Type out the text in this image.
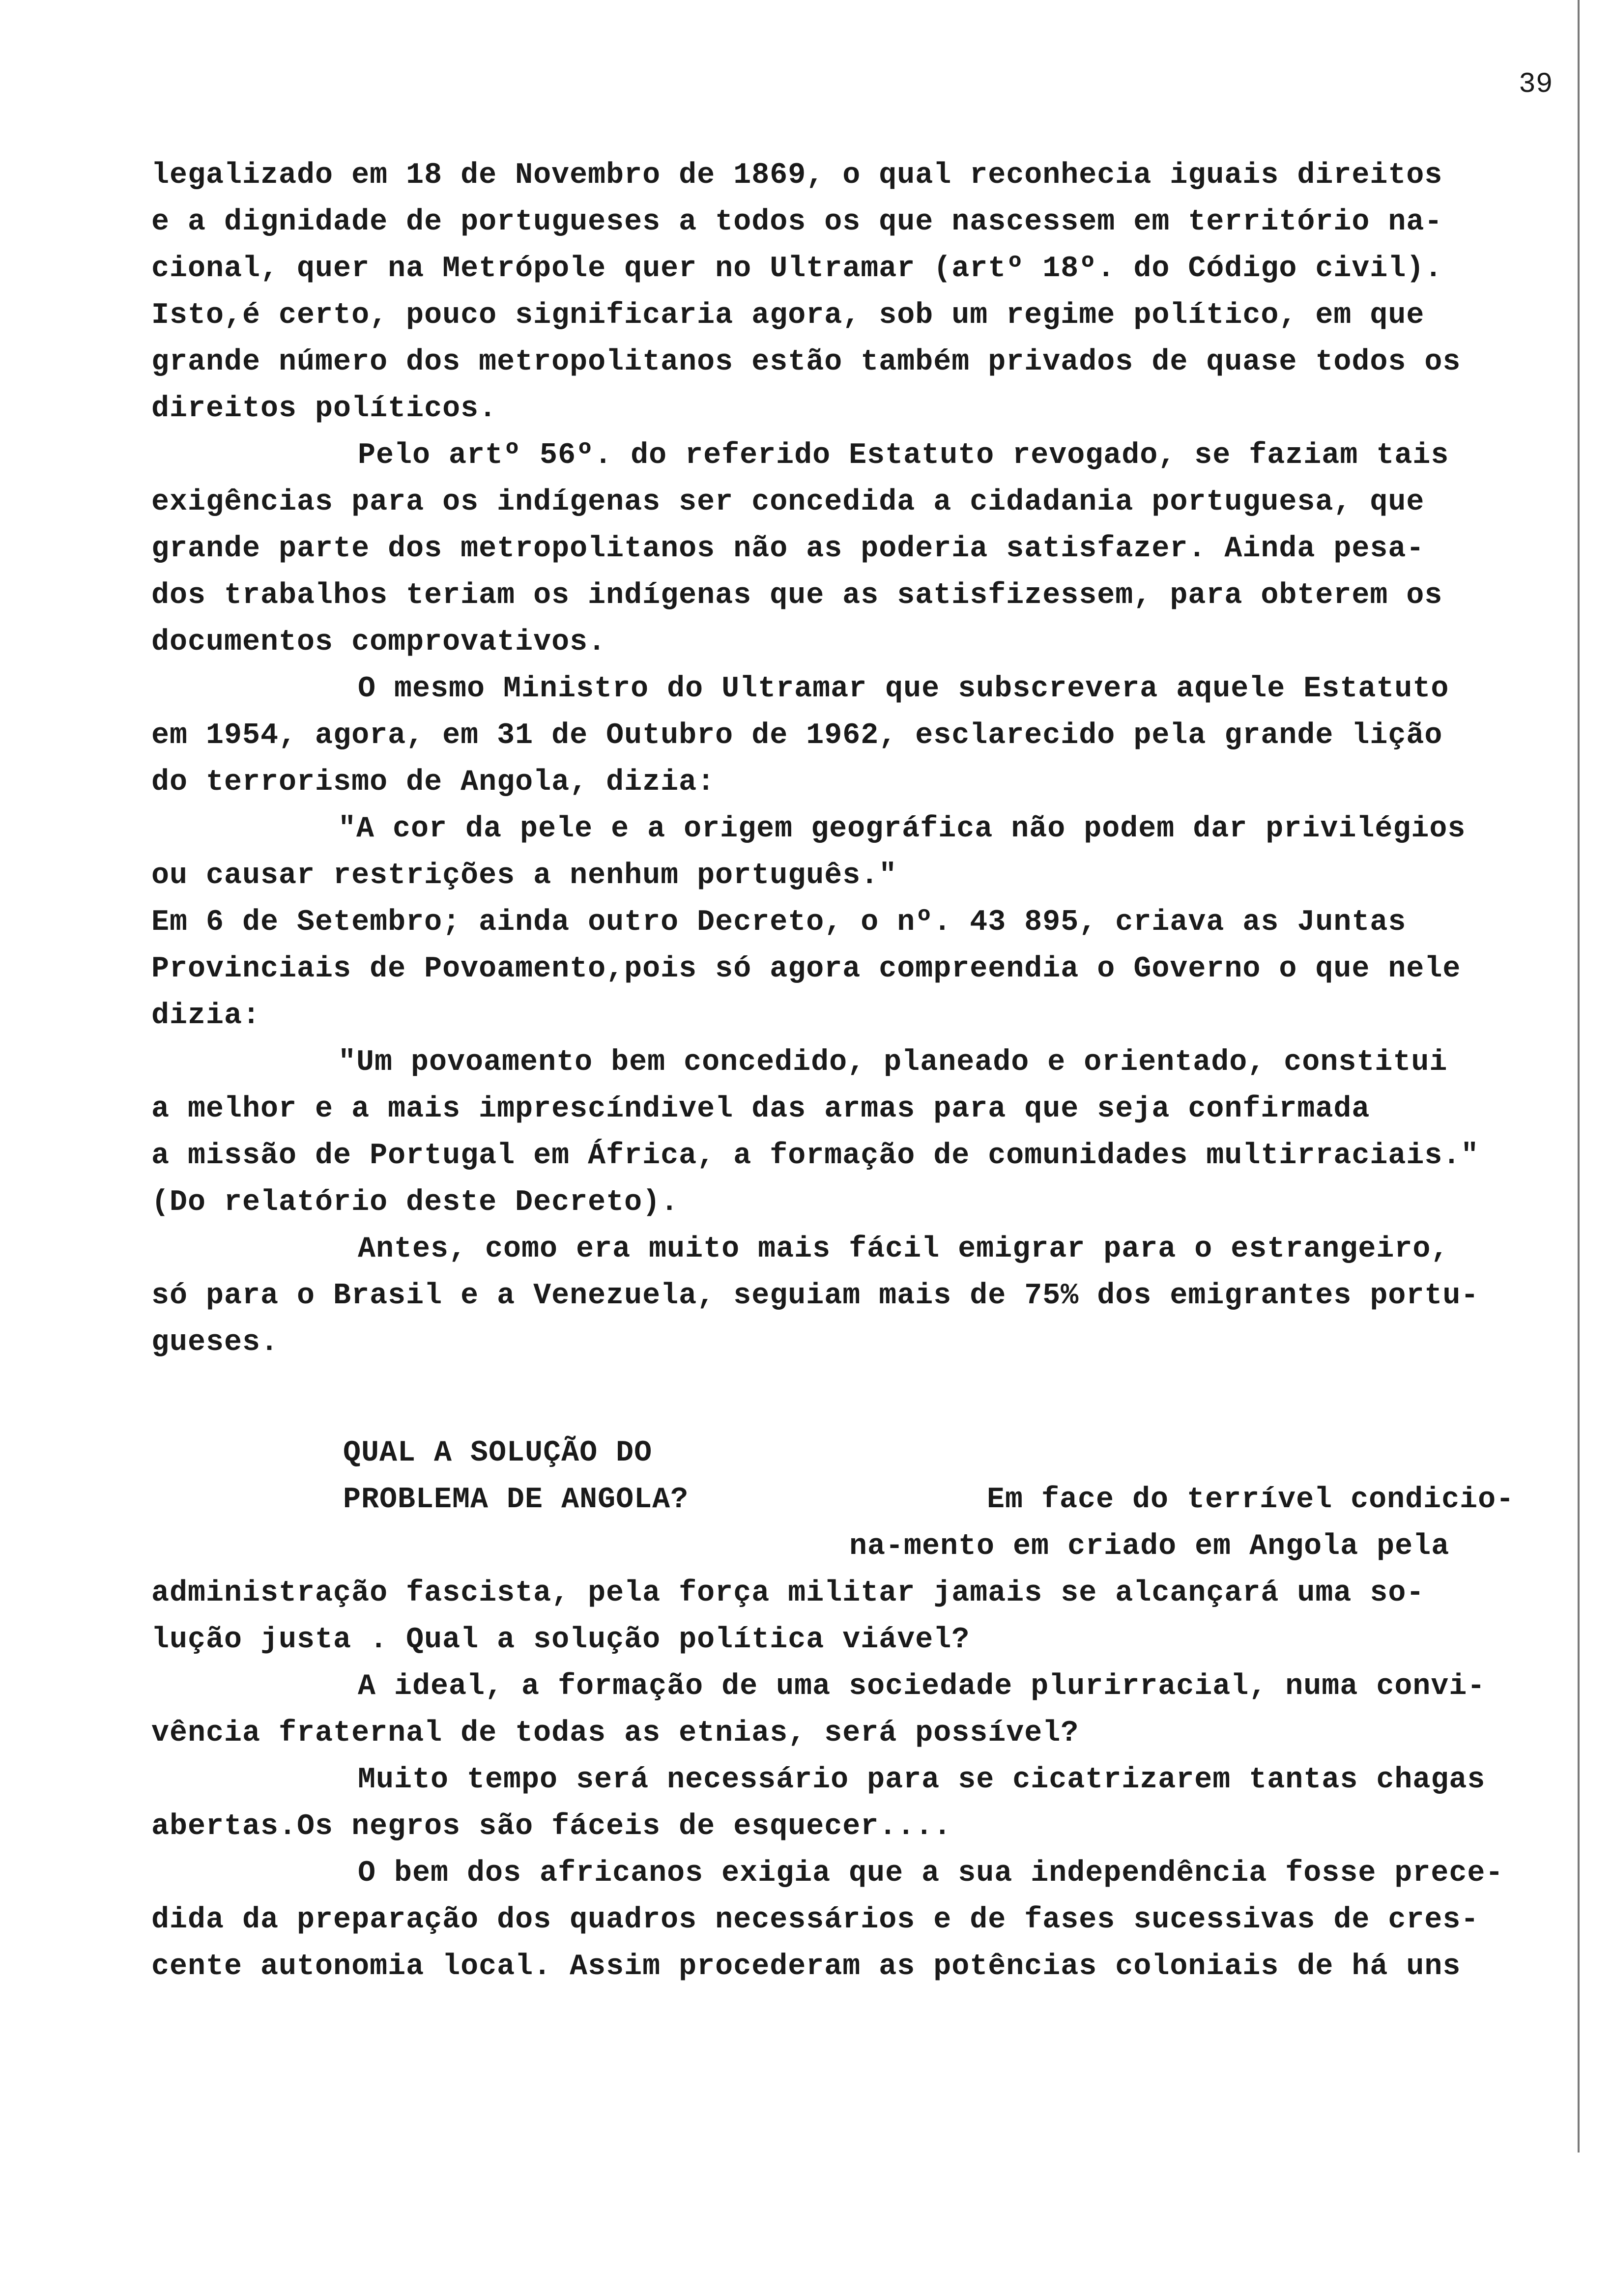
39

legalizado em 18 de Novembro de 1869, o qual reconhecia iguais direitos

e a dignidade de portugueses a todos os que nascessem em território na-

cional, quer na Metrópole quer no Ultramar (artº 18º. do Código civil).

Isto,é certo, pouco significaria agora, sob um regime político, em que

grande número dos metropolitanos estão também privados de quase todos os

direitos políticos.

Pelo artº 56º. do referido Estatuto revogado, se faziam tais

exigências para os indígenas ser concedida a cidadania portuguesa, que

grande parte dos metropolitanos não as poderia satisfazer. Ainda pesa-

dos trabalhos teriam os indígenas que as satisfizessem, para obterem os

documentos comprovativos.

O mesmo Ministro do Ultramar que subscrevera aquele Estatuto

em 1954, agora, em 31 de Outubro de 1962, esclarecido pela grande lição

do terrorismo de Angola, dizia:

"A cor da pele e a origem geográfica não podem dar privilégios

ou causar restrições a nenhum português."

Em 6 de Setembro; ainda outro Decreto, o nº. 43 895, criava as Juntas

Provinciais de Povoamento,pois só agora compreendia o Governo o que nele

dizia:

"Um povoamento bem concedido, planeado e orientado, constitui

a melhor e a mais imprescíndivel das armas para que seja confirmada

a missão de Portugal em África, a formação de comunidades multirraciais."

(Do relatório deste Decreto).

Antes, como era muito mais fácil emigrar para o estrangeiro,

só para o Brasil e a Venezuela, seguiam mais de 75% dos emigrantes portu-

gueses.

QUAL A SOLUÇÃO DO

PROBLEMA DE ANGOLA?	Em face do terrível condicio-

na-mento em criado em Angola pela

administração fascista, pela força militar jamais se alcançará uma so-

lução justa . Qual a solução política viável?

A ideal, a formação de uma sociedade plurirracial, numa convi-

vência fraternal de todas as etnias, será possível?

Muito tempo será necessário para se cicatrizarem tantas chagas

abertas.Os negros são fáceis de esquecer....

O bem dos africanos exigia que a sua independência fosse prece-

dida da preparação dos quadros necessários e de fases sucessivas de cres-

cente autonomia local. Assim procederam as potências coloniais de há uns
